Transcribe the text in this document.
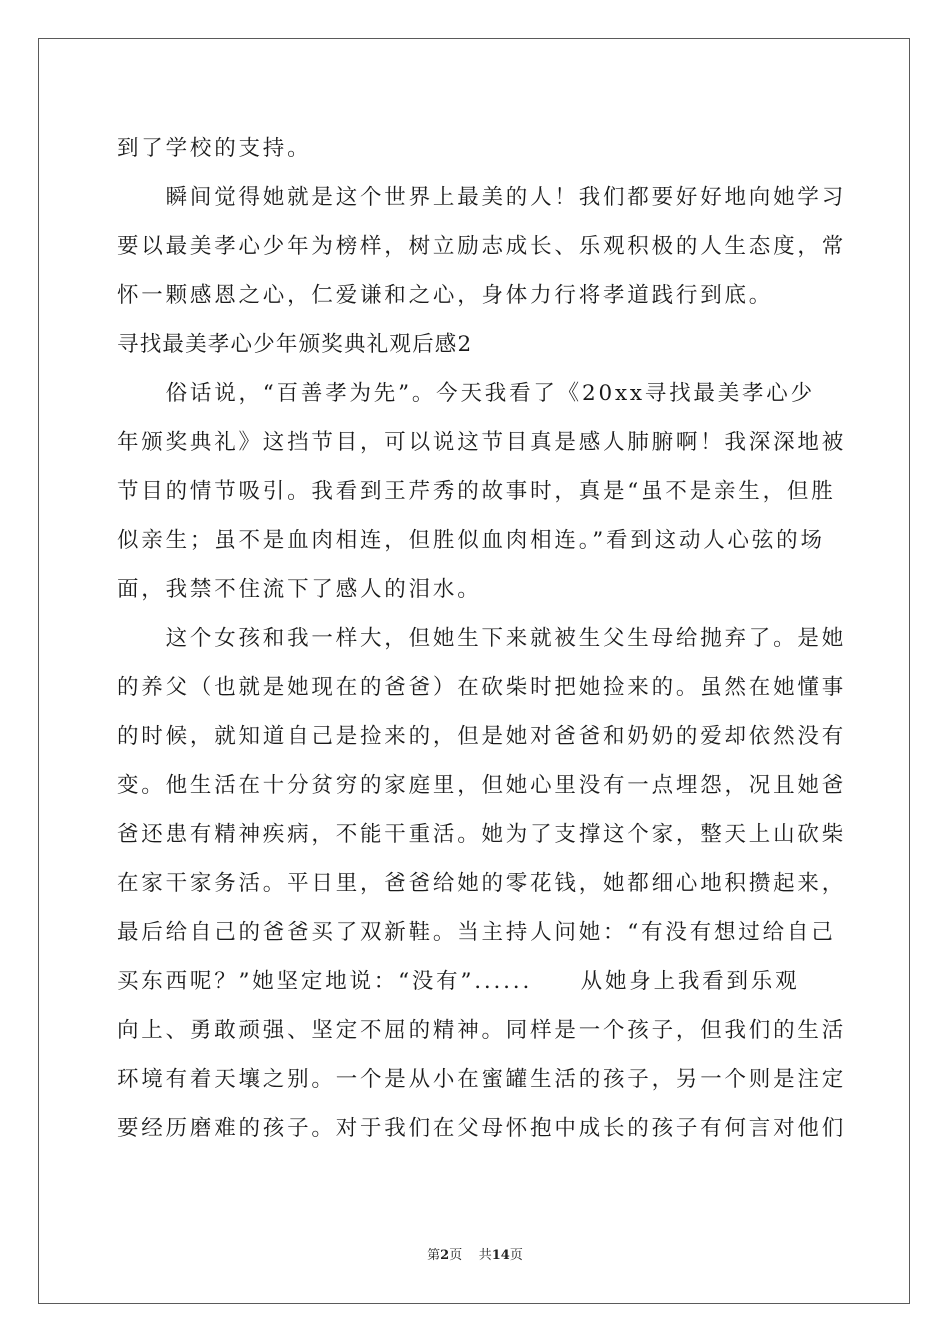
到了学校的支持。
　　瞬间觉得她就是这个世界上最美的人！我们都要好好地向她学习
要以最美孝心少年为榜样，树立励志成长、乐观积极的人生态度，常
怀一颗感恩之心，仁爱谦和之心，身体力行将孝道践行到底。
寻找最美孝心少年颁奖典礼观后感2
　　俗话说，“百善孝为先”。今天我看了《20xx寻找最美孝心少
年颁奖典礼》这挡节目，可以说这节目真是感人肺腑啊！我深深地被
节目的情节吸引。我看到王芹秀的故事时，真是“虽不是亲生，但胜
似亲生；虽不是血肉相连，但胜似血肉相连。”看到这动人心弦的场
面，我禁不住流下了感人的泪水。
　　这个女孩和我一样大，但她生下来就被生父生母给抛弃了。是她
的养父（也就是她现在的爸爸）在砍柴时把她捡来的。虽然在她懂事
的时候，就知道自己是捡来的，但是她对爸爸和奶奶的爱却依然没有
变。他生活在十分贫穷的家庭里，但她心里没有一点埋怨，况且她爸
爸还患有精神疾病，不能干重活。她为了支撑这个家，整天上山砍柴
在家干家务活。平日里，爸爸给她的零花钱，她都细心地积攒起来，
最后给自己的爸爸买了双新鞋。当主持人问她：“有没有想过给自己
买东西呢？”她坚定地说：“没有”......　　从她身上我看到乐观
向上、勇敢顽强、坚定不屈的精神。同样是一个孩子，但我们的生活
环境有着天壤之别。一个是从小在蜜罐生活的孩子，另一个则是注定
要经历磨难的孩子。对于我们在父母怀抱中成长的孩子有何言对他们
第2页 共14页
